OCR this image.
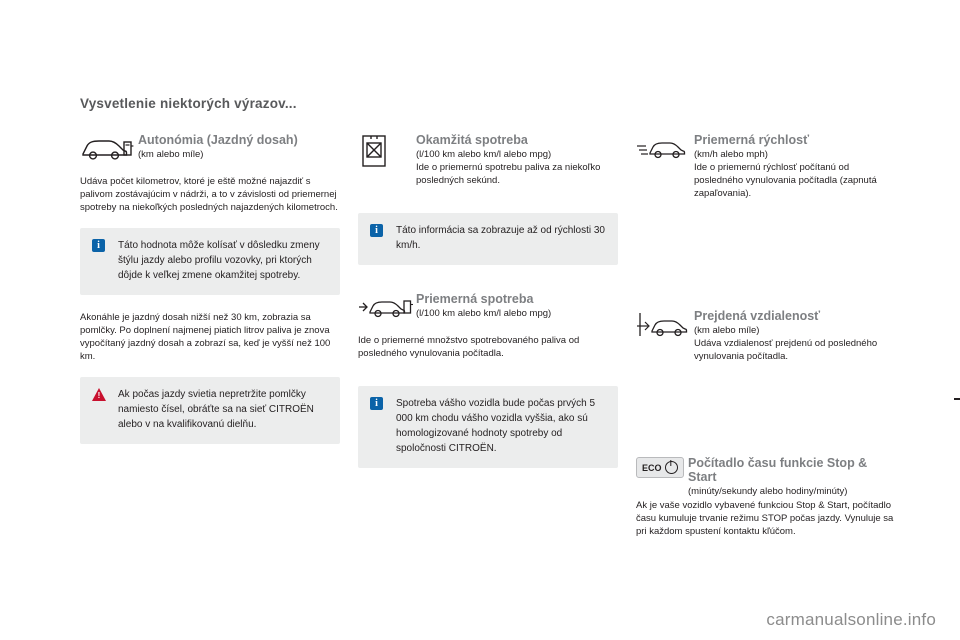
Vysvetlenie niektorých výrazov...

Autonómia (Jazdný dosah)

(km alebo míle)

Udáva počet kilometrov, ktoré je eště možné najazdiť s palivom zostávajúcim v nádrži, a to v závislosti od priemernej spotreby na niekoľkých posledných najazdených kilometroch.
i	Táto hodnota môže kolísať v dôsledku zmeny štýlu jazdy alebo profilu vozovky, pri ktorých dôjde k veľkej zmene okamžitej spotreby.
Akonáhle je jazdný dosah nižší než 30 km, zobrazia sa pomlčky. Po doplnení najmenej piatich litrov paliva je znova vypočítaný jazdný dosah a zobrazí sa, keď je vyšší než 100 km.
!	Ak počas jazdy svietia nepretržite pomlčky namiesto čísel, obráťte sa na sieť CITROËN alebo v na kvalifikovanú dielňu.

Okamžitá spotreba

(l/100 km alebo km/l alebo mpg)

Ide o priemernú spotrebu paliva za niekoľko posledných sekúnd.
i	Táto informácia sa zobrazuje až od rýchlosti 30 km/h.

Priemerná spotreba

(l/100 km alebo km/l alebo mpg)

Ide o priemerné množstvo spotrebovaného paliva od posledného vynulovania počítadla.
i	Spotreba vášho vozidla bude počas prvých 5 000 km chodu vášho vozidla vyššia, ako sú homologizované hodnoty spotreby od spoločnosti CITROËN.

Priemerná rýchlosť

(km/h alebo mph)

Ide o priemernú rýchlosť počítanú od posledného vynulovania počítadla (zapnutá zapaľovania).

Prejdená vzdialenosť

(km alebo míle)

Udáva vzdialenosť prejdenú od posledného vynulovania počítadla.
ECO Počítadlo času funkcie Stop & Start

(minúty/sekundy alebo hodiny/minúty)

Ak je vaše vozidlo vybavené funkciou Stop & Start, počítadlo času kumuluje trvanie režimu STOP počas jazdy. Vynuluje sa pri každom spustení kontaktu kľúčom.
carmanualsonline.info
